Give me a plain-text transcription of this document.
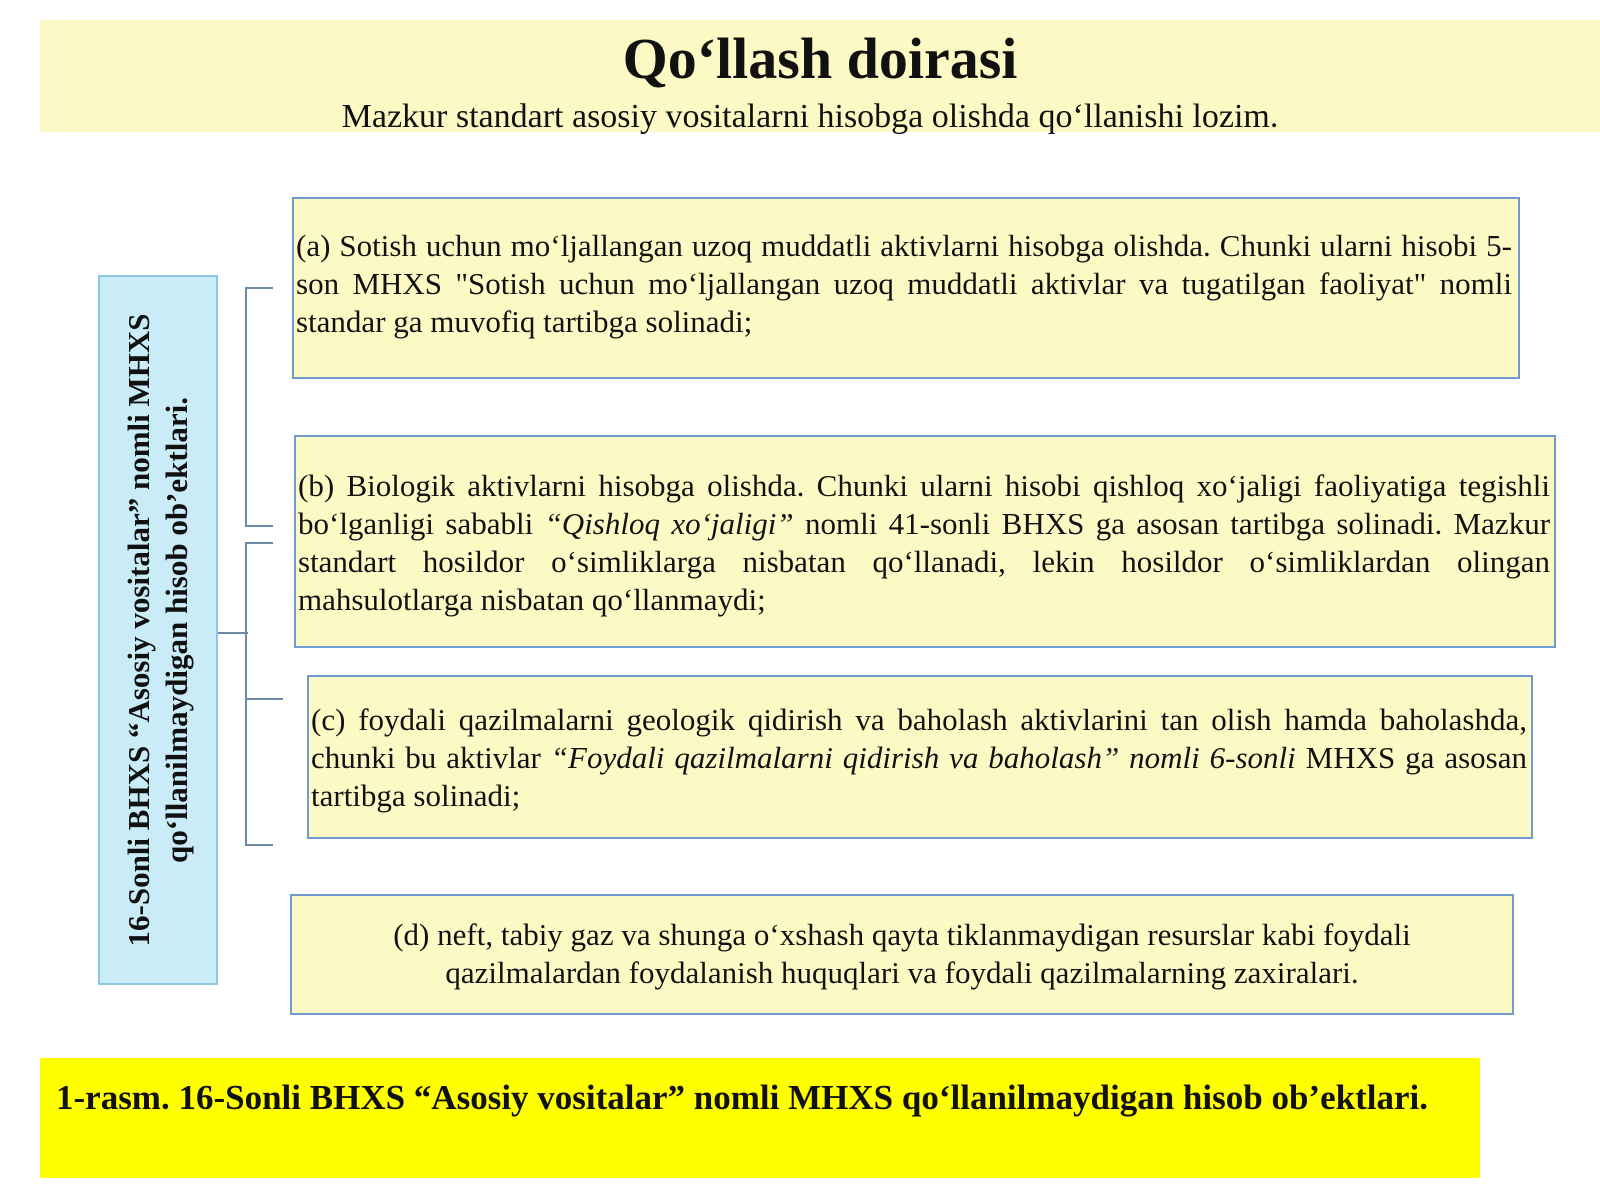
Qo‘llash doirasi
Mazkur standart asosiy vositalarni hisobga olishda qo‘llanishi lozim.
16-Sonli BHXS “Asosiy vositalar” nomli MHXS qo‘llanilmaydigan hisob ob’ektlari.
(a) Sotish uchun mo‘ljallangan uzoq muddatli aktivlarni hisobga olishda. Chunki ularni hisobi 5-son MHXS "Sotish uchun mo‘ljallangan uzoq muddatli aktivlar va tugatilgan faoliyat" nomli standar ga muvofiq tartibga solinadi;
(b) Biologik aktivlarni hisobga olishda. Chunki ularni hisobi qishloq xo‘jaligi faoliyatiga tegishli bo‘lganligi sababli “Qishloq xo‘jaligi” nomli 41-sonli BHXS ga asosan tartibga solinadi. Mazkur standart hosildor o‘simliklarga nisbatan qo‘llanadi, lekin hosildor o‘simliklardan olingan mahsulotlarga nisbatan qo‘llanmaydi;
(c) foydali qazilmalarni geologik qidirish va baholash aktivlarini tan olish hamda baholashda, chunki bu aktivlar “Foydali qazilmalarni qidirish va baholash” nomli 6-sonli MHXS ga asosan tartibga solinadi;
(d) neft, tabiy gaz va shunga o‘xshash qayta tiklanmaydigan resurslar kabi foydali qazilmalardan foydalanish huquqlari va foydali qazilmalarning zaxiralari.
1-rasm. 16-Sonli BHXS “Asosiy vositalar” nomli MHXS qo‘llanilmaydigan hisob ob’ektlari.
